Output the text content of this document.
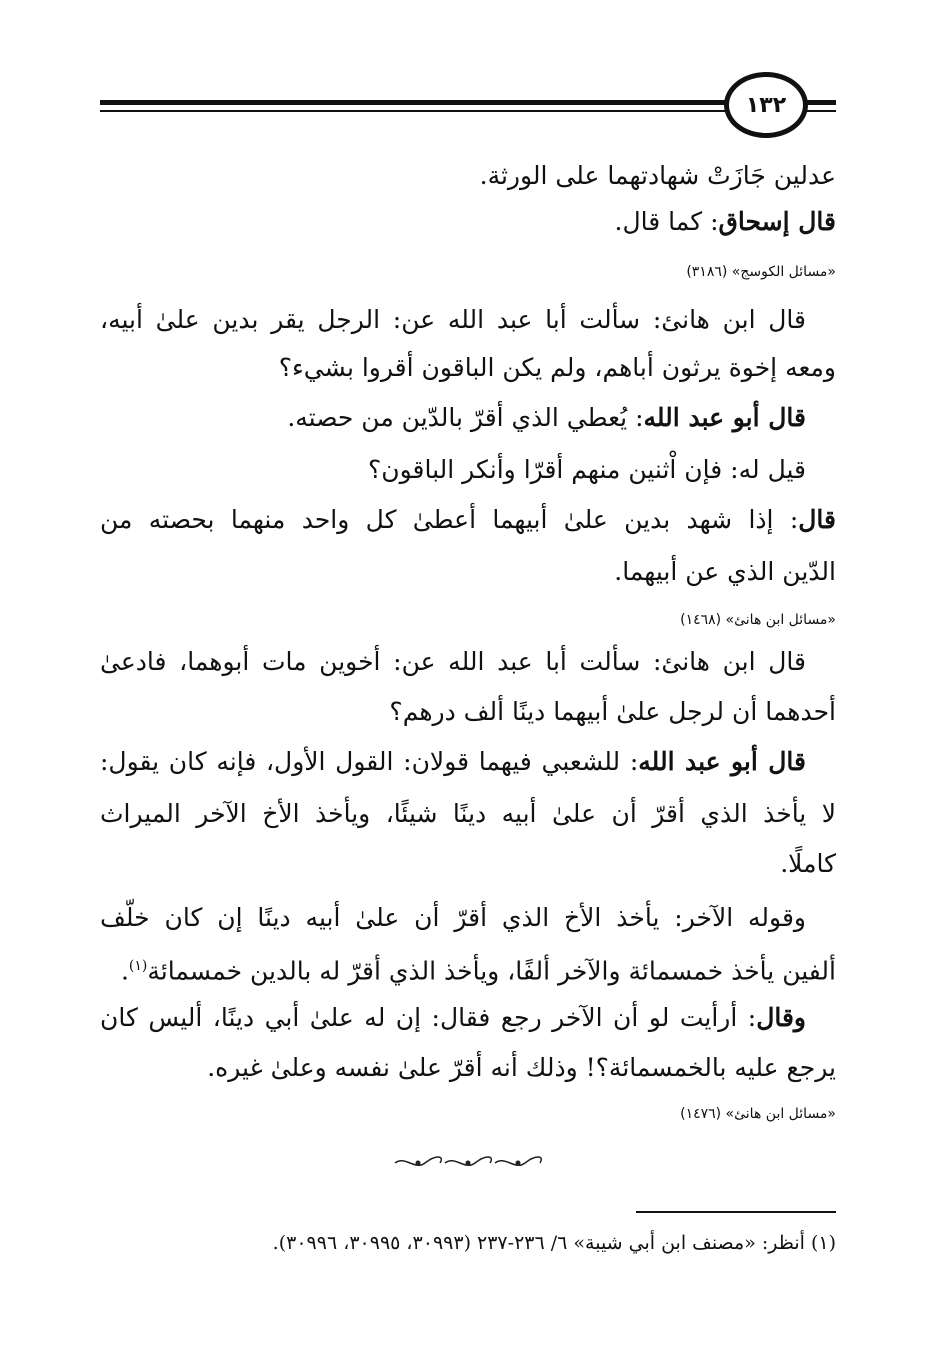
١٣٢
عدلين جَازَتْ شهادتهما على الورثة.
قال إسحاق: كما قال.
«مسائل الكوسج» (٣١٨٦)
قال ابن هانئ: سألت أبا عبد الله عن: الرجل يقر بدين علىٰ أبيه،
ومعه إخوة يرثون أباهم، ولم يكن الباقون أقروا بشيء؟
قال أبو عبد الله: يُعطي الذي أقرّ بالدّين من حصته.
قيل له: فإن اْثنين منهم أقرّا وأنكر الباقون؟
قال: إذا شهد بدين علىٰ أبيهما أعطىٰ كل واحد منهما بحصته من
الدّين الذي عن أبيهما.
«مسائل ابن هانئ» (١٤٦٨)
قال ابن هانئ: سألت أبا عبد الله عن: أخوين مات أبوهما، فادعىٰ
أحدهما أن لرجل علىٰ أبيهما دينًا ألف درهم؟
قال أبو عبد الله: للشعبي فيهما قولان: القول الأول، فإنه كان يقول:
لا يأخذ الذي أقرّ أن علىٰ أبيه دينًا شيئًا، ويأخذ الأخ الآخر الميراث
كاملًا.
وقوله الآخر: يأخذ الأخ الذي أقرّ أن علىٰ أبيه دينًا إن كان خلّف
ألفين يأخذ خمسمائة والآخر ألفًا، ويأخذ الذي أقرّ له بالدين خمسمائة$^{(١)}$.
وقال: أرأيت لو أن الآخر رجع فقال: إن له علىٰ أبي دينًا، أليس كان
يرجع عليه بالخمسمائة؟! وذلك أنه أقرّ علىٰ نفسه وعلىٰ غيره.
«مسائل ابن هانئ» (١٤٧٦)
(١) أنظر: «مصنف ابن أبي شيبة» ٦/ ٢٣٦-٢٣٧ (٣٠٩٩٣، ٣٠٩٩٥، ٣٠٩٩٦).
